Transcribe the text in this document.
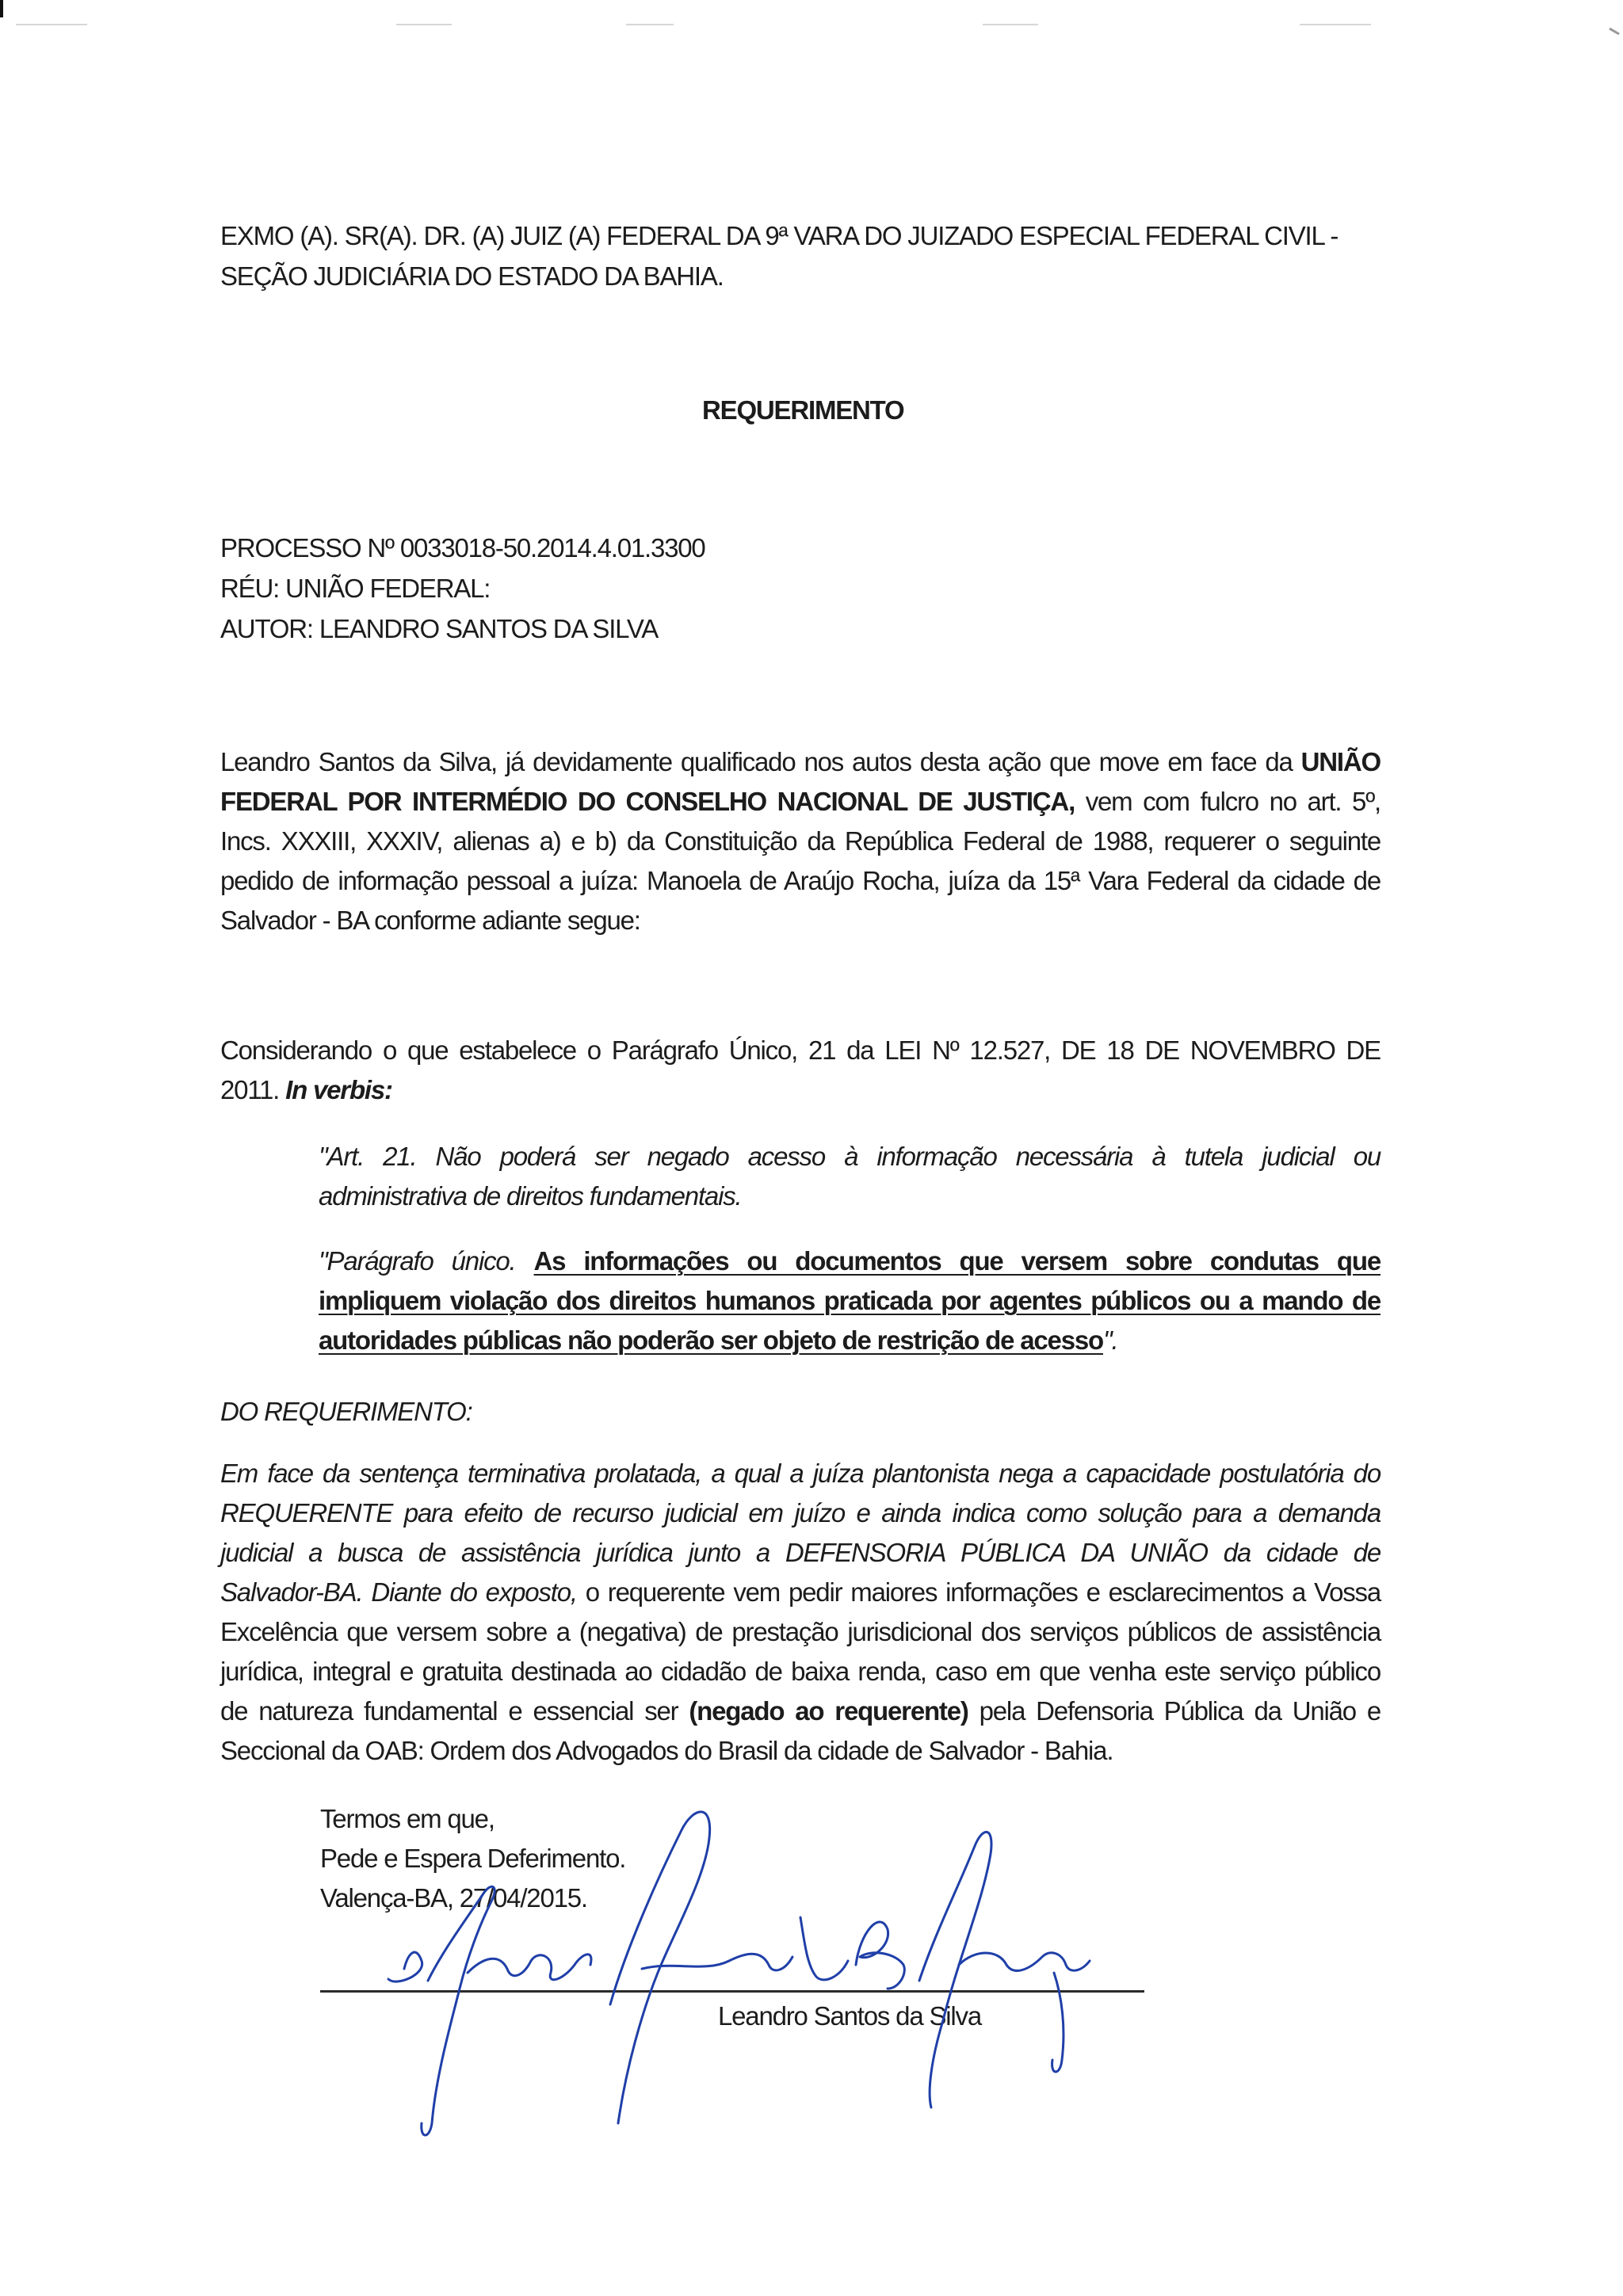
EXMO (A). SR(A). DR. (A) JUIZ (A) FEDERAL DA 9ª VARA DO JUIZADO ESPECIAL FEDERAL CIVIL -
SEÇÃO JUDICIÁRIA DO ESTADO DA BAHIA.
REQUERIMENTO
PROCESSO Nº 0033018-50.2014.4.01.3300
RÉU: UNIÃO FEDERAL:
AUTOR: LEANDRO SANTOS DA SILVA
Leandro Santos da Silva, já devidamente qualificado nos autos desta ação que move em face da UNIÃO
FEDERAL POR INTERMÉDIO DO CONSELHO NACIONAL DE JUSTIÇA, vem com fulcro no art. 5º,
Incs. XXXIII, XXXIV, alienas a) e b) da Constituição da República Federal de 1988, requerer o seguinte
pedido de informação pessoal a juíza: Manoela de Araújo Rocha, juíza da 15ª Vara Federal da cidade de
Salvador - BA conforme adiante segue:
Considerando o que estabelece o Parágrafo Único, 21 da LEI Nº 12.527, DE 18 DE NOVEMBRO DE
2011. In verbis:
"Art. 21. Não poderá ser negado acesso à informação necessária à tutela judicial ou
administrativa de direitos fundamentais.
"Parágrafo único. As informações ou documentos que versem sobre condutas que
impliquem violação dos direitos humanos praticada por agentes públicos ou a mando de
autoridades públicas não poderão ser objeto de restrição de acesso".
DO REQUERIMENTO:
Em face da sentença terminativa prolatada, a qual a juíza plantonista nega a capacidade postulatória do
REQUERENTE para efeito de recurso judicial em juízo e ainda indica como solução para a demanda
judicial a busca de assistência jurídica junto a DEFENSORIA PÚBLICA DA UNIÃO da cidade de
Salvador-BA. Diante do exposto, o requerente vem pedir maiores informações e esclarecimentos a Vossa
Excelência que versem sobre a (negativa) de prestação jurisdicional dos serviços públicos de assistência
jurídica, integral e gratuita destinada ao cidadão de baixa renda, caso em que venha este serviço público
de natureza fundamental e essencial ser (negado ao requerente) pela Defensoria Pública da União e
Seccional da OAB: Ordem dos Advogados do Brasil da cidade de Salvador - Bahia.
Termos em que,
Pede e Espera Deferimento.
Valença-BA, 27/04/2015.
Leandro Santos da Silva
